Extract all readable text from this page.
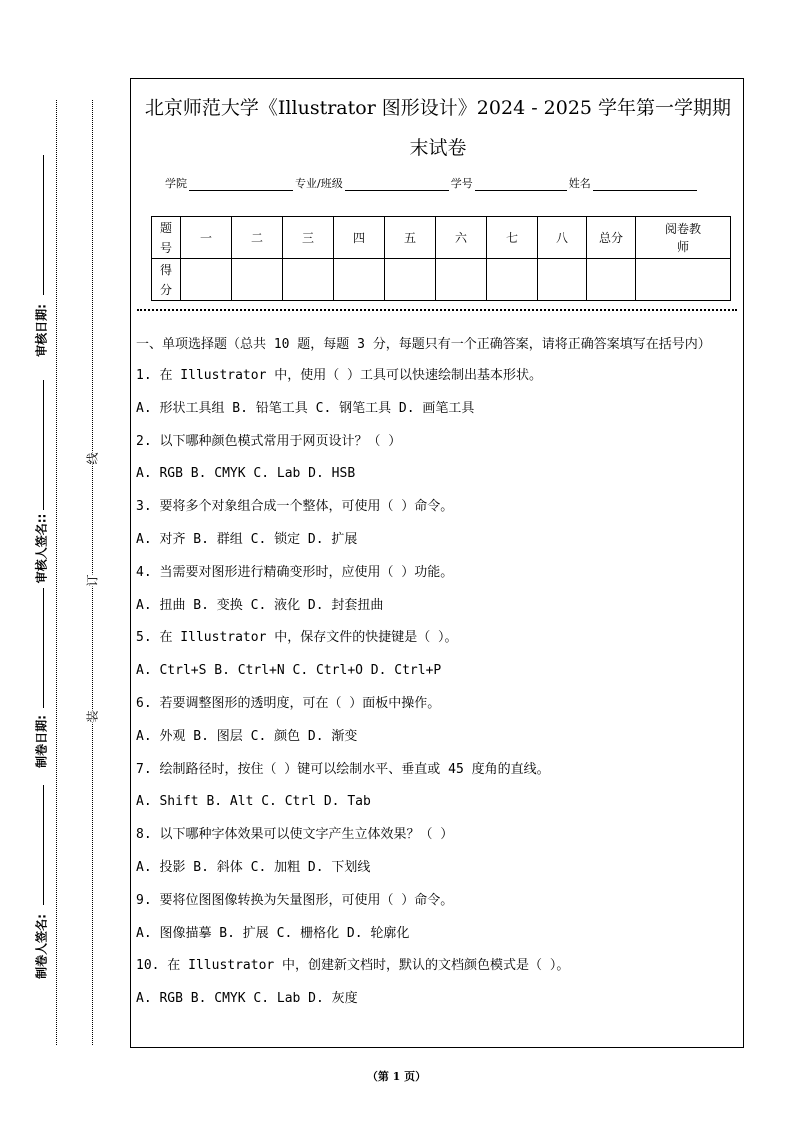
审核日期:
审核人签名::
制卷日期:
制卷人签名:
线
订
装
北京师范大学《Illustrator 图形设计》2024 - 2025 学年第一学期期
末试卷
学院	专业/班级	学号	姓名
题号	一	二	三	四	五	六	七	八	总分	阅卷教师
得分										
一、单项选择题（总共 10 题，每题 3 分，每题只有一个正确答案，请将正确答案填写在括号内）
1. 在 Illustrator 中，使用（ ）工具可以快速绘制出基本形状。
A. 形状工具组 B. 铅笔工具 C. 钢笔工具 D. 画笔工具
2. 以下哪种颜色模式常用于网页设计？（ ）
A. RGB B. CMYK C. Lab D. HSB
3. 要将多个对象组合成一个整体，可使用（ ）命令。
A. 对齐 B. 群组 C. 锁定 D. 扩展
4. 当需要对图形进行精确变形时，应使用（ ）功能。
A. 扭曲 B. 变换 C. 液化 D. 封套扭曲
5. 在 Illustrator 中，保存文件的快捷键是（ ）。
A. Ctrl+S B. Ctrl+N C. Ctrl+O D. Ctrl+P
6. 若要调整图形的透明度，可在（ ）面板中操作。
A. 外观 B. 图层 C. 颜色 D. 渐变
7. 绘制路径时，按住（ ）键可以绘制水平、垂直或 45 度角的直线。
A. Shift B. Alt C. Ctrl D. Tab
8. 以下哪种字体效果可以使文字产生立体效果？（ ）
A. 投影 B. 斜体 C. 加粗 D. 下划线
9. 要将位图图像转换为矢量图形，可使用（ ）命令。
A. 图像描摹 B. 扩展 C. 栅格化 D. 轮廓化
10. 在 Illustrator 中，创建新文档时，默认的文档颜色模式是（ ）。
A. RGB B. CMYK C. Lab D. 灰度
（第 1 页）
